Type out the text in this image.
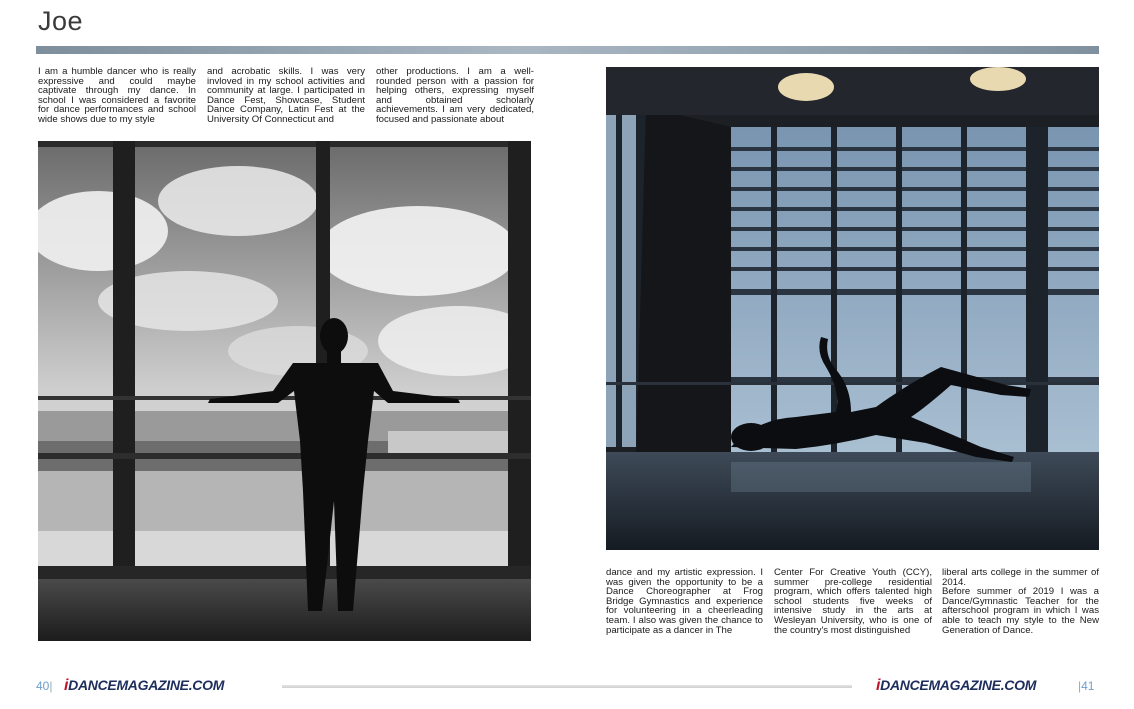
Joe

I am a humble dancer who is really expressive and could maybe captivate through my dance. In school I was considered a favorite for dance performances and school wide shows due to my style

and acrobatic skills. I was very invloved in my school activities and community at large. I participated in Dance Fest, Showcase, Student Dance Company, Latin Fest at the University Of Connecticut and

other productions. I am a well-rounded person with a passion for helping others, expressing myself and obtained scholarly achievements. I am very dedicated, focused and passionate about

dance and my artistic expression. I was given the opportunity to be a Dance Choreographer at Frog Bridge Gymnastics and experience for volunteering in a cheerleading team. I also was given the chance to participate as a dancer in The

Center For Creative Youth (CCY), summer pre-college residential program, which offers talented high school students five weeks of intensive study in the arts at Wesleyan University, who is one of the country's most distinguished

liberal arts college in the summer of 2014.
Before summer of 2019 I was a Dance/Gymnastic Teacher for the afterschool program in which I was able to teach my style to the New Generation of Dance.

40| iDANCEMAGAZINE.COM	iDANCEMAGAZINE.COM	|41
